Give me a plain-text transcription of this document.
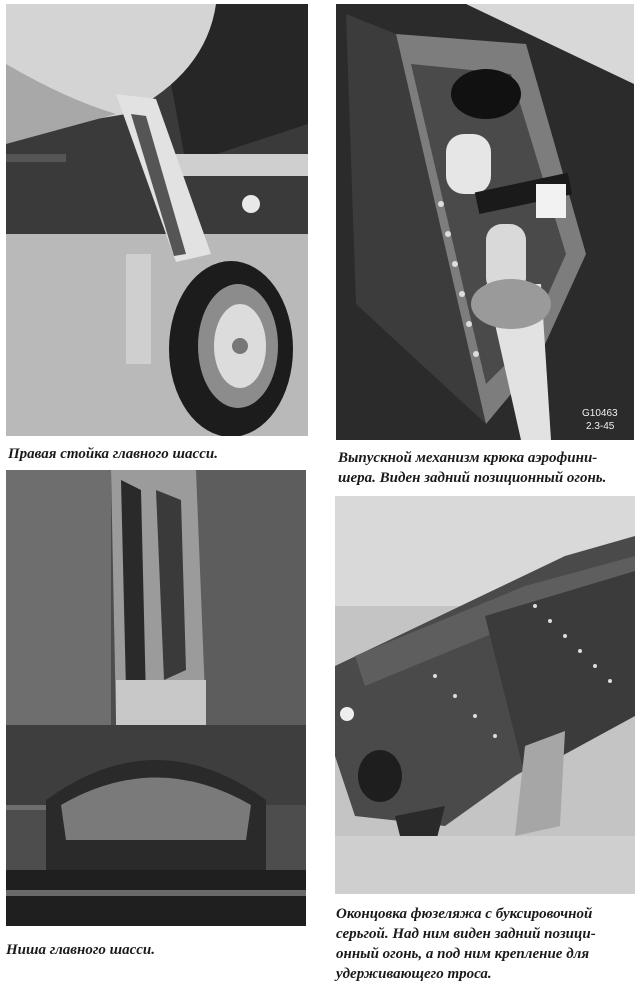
Правая стойка главного шасси.
G10463
2.3-45
Выпускной механизм крюка аэрофини-
шера. Виден задний позиционный огонь.
Ниша главного шасси.
Оконцовка фюзеляжа с буксировочной
серьгой. Над ним виден задний позици-
онный огонь, а под ним крепление для
удерживающего троса.
